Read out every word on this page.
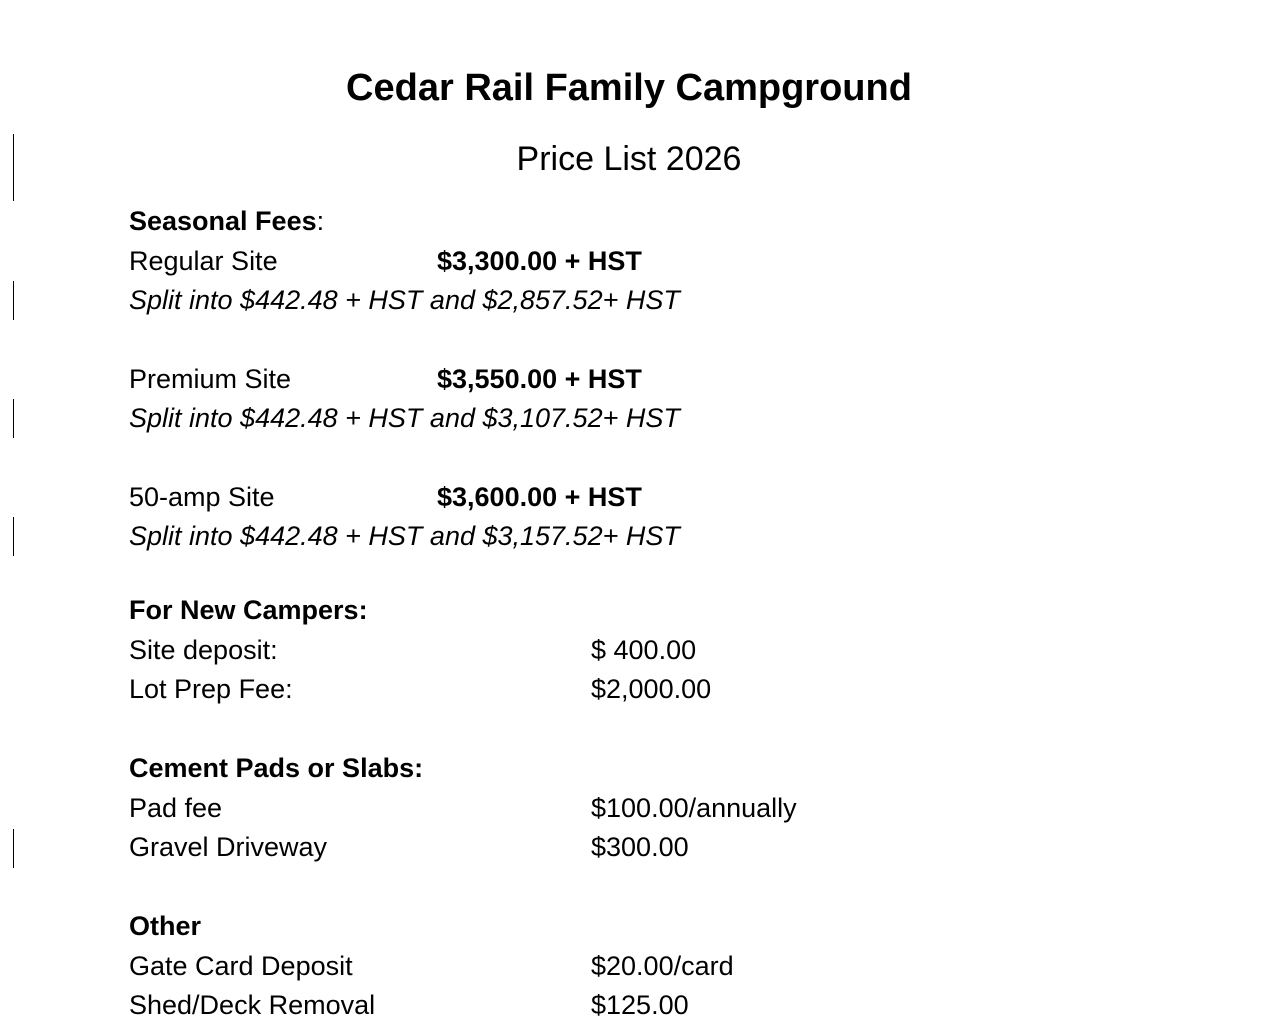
Cedar Rail Family Campground
Price List 2026
Seasonal Fees:
Regular Site	$3,300.00 + HST
Split into $442.48 + HST and $2,857.52+ HST
Premium Site	$3,550.00 + HST
Split into $442.48 + HST and $3,107.52+ HST
50-amp Site	$3,600.00 + HST
Split into $442.48 + HST and $3,157.52+ HST
For New Campers:
Site deposit:	$ 400.00
Lot Prep Fee:	$2,000.00
Cement Pads or Slabs:
Pad fee	$100.00/annually
Gravel Driveway	$300.00
Other
Gate Card Deposit	$20.00/card
Shed/Deck Removal	$125.00
